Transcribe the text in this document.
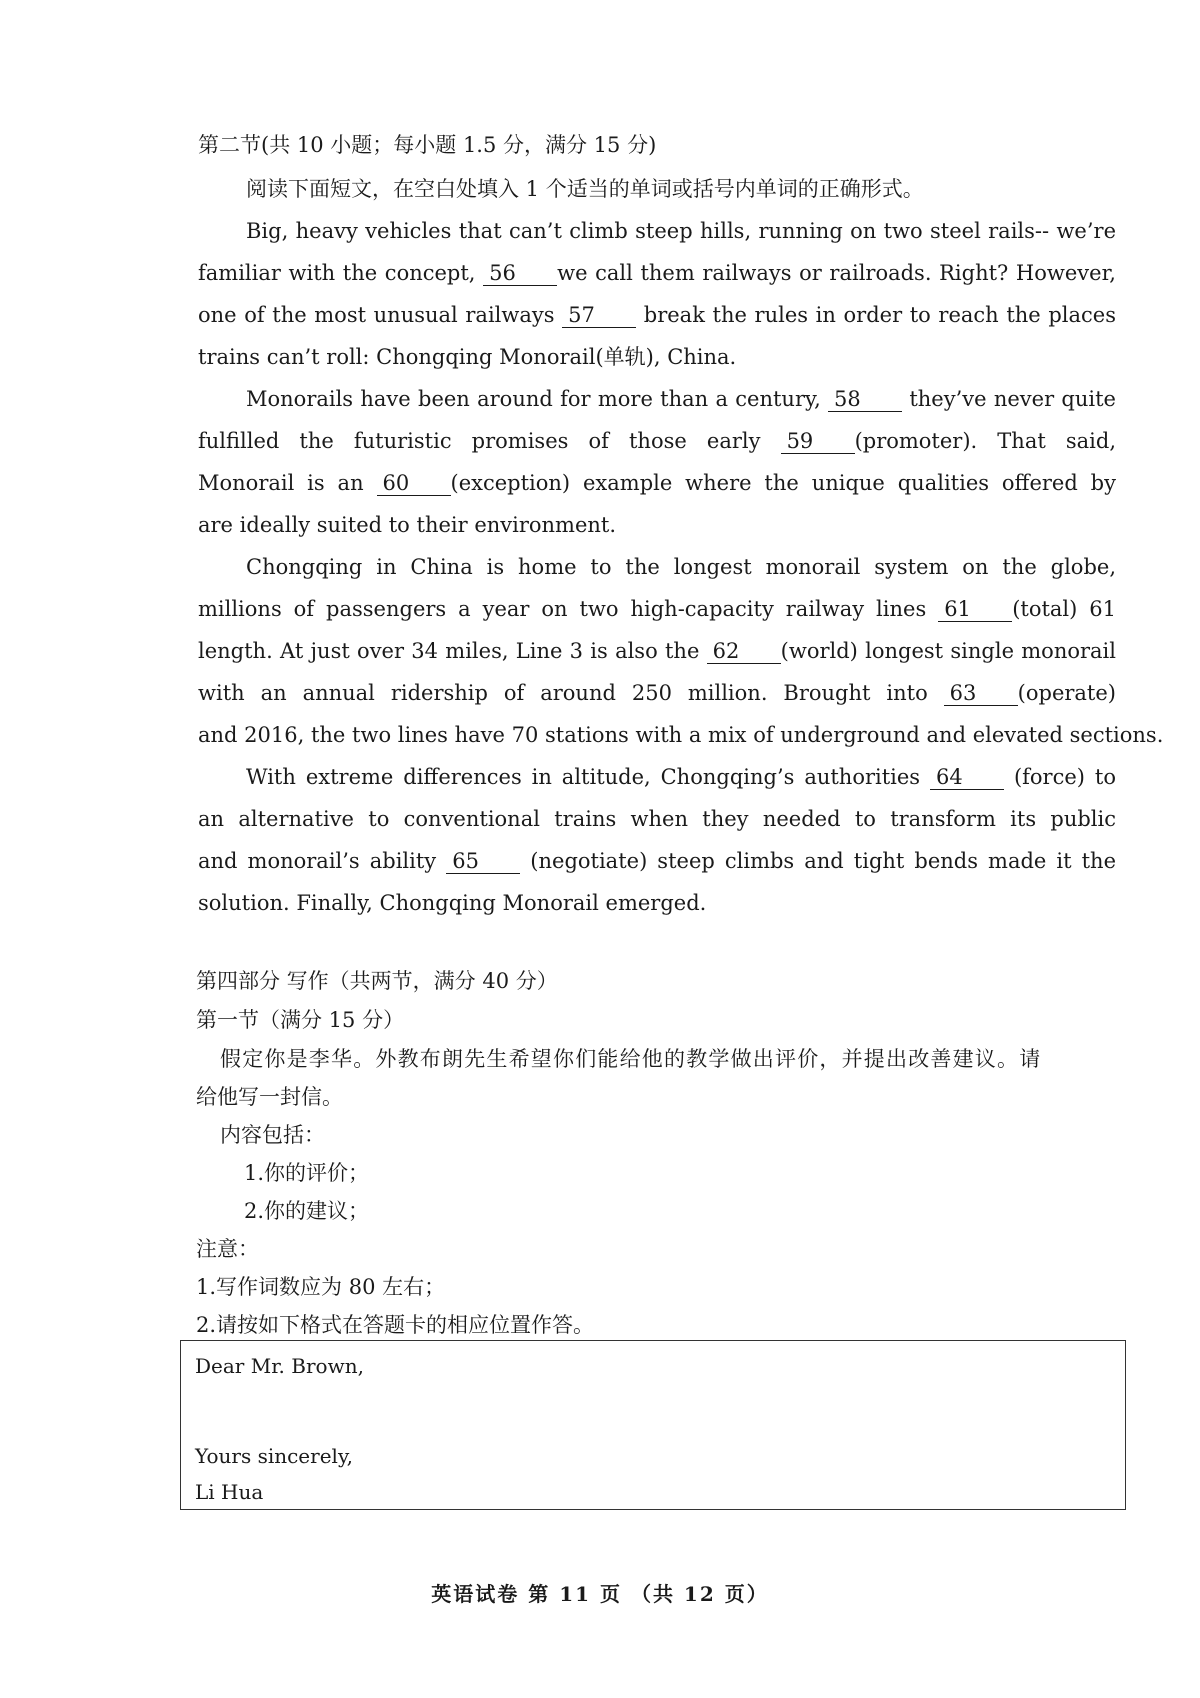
第二节(共 10 小题；每小题 1.5 分，满分 15 分)
阅读下面短文，在空白处填入 1 个适当的单词或括号内单词的正确形式。
Big, heavy vehicles that can’t climb steep hills, running on two steel rails-- we’re
familiar with the concept, 56 we call them railways or railroads. Right? However,
one of the most unusual railways 57 break the rules in order to reach the places
trains can’t roll: Chongqing Monorail(单轨), China.
Monorails have been around for more than a century, 58 they’ve never quite
fulfilled the futuristic promises of those early 59 (promoter). That said,
Monorail is an 60 (exception) example where the unique qualities offered by
are ideally suited to their environment.
Chongqing in China is home to the longest monorail system on the globe,
millions of passengers a year on two high-capacity railway lines 61 (total) 61
length. At just over 34 miles, Line 3 is also the 62 (world) longest single monorail
with an annual ridership of around 250 million. Brought into 63 (operate)
and 2016, the two lines have 70 stations with a mix of underground and elevated sections.
With extreme differences in altitude, Chongqing’s authorities 64 (force) to
an alternative to conventional trains when they needed to transform its public
and monorail’s ability 65 (negotiate) steep climbs and tight bends made it the
solution. Finally, Chongqing Monorail emerged.
第四部分 写作（共两节，满分 40 分）
第一节（满分 15 分）
假定你是李华。外教布朗先生希望你们能给他的教学做出评价，并提出改善建议。请
给他写一封信。
内容包括：
1.你的评价；
2.你的建议；
注意：
1.写作词数应为 80 左右；
2.请按如下格式在答题卡的相应位置作答。
Dear Mr. Brown,
Yours sincerely,
Li Hua
英语试卷 第 11 页 （共 12 页）
